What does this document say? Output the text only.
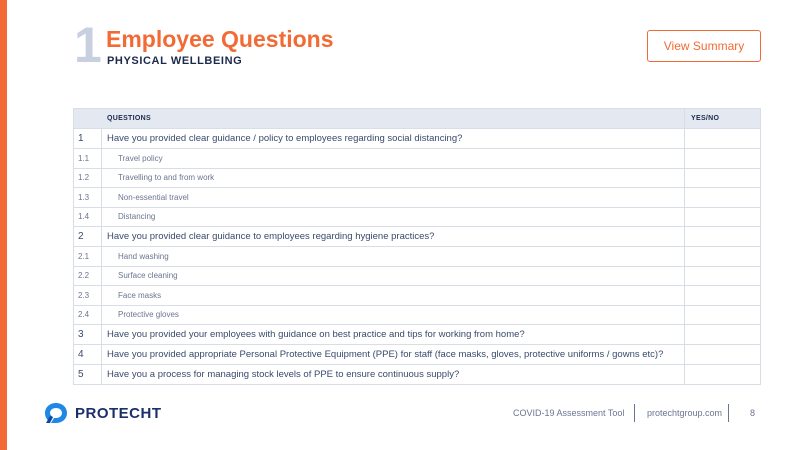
1 Employee Questions
PHYSICAL WELLBEING
View Summary
QUESTIONS		YES/NO
1	Have you provided clear guidance / policy to employees regarding social distancing?	
1.1	Travel policy	
1.2	Travelling to and from work	
1.3	Non-essential travel	
1.4	Distancing	
2	Have you provided clear guidance to employees regarding hygiene practices?	
2.1	Hand washing	
2.2	Surface cleaning	
2.3	Face masks	
2.4	Protective gloves	
3	Have you provided your employees with guidance on best practice and tips for working from home?	
4	Have you provided appropriate Personal Protective Equipment (PPE) for staff (face masks, gloves, protective uniforms / gowns etc)?	
5	Have you a process for managing stock levels of PPE to ensure continuous supply?	
PROTECHT	COVID-19 Assessment Tool	protechtgroup.com	8
